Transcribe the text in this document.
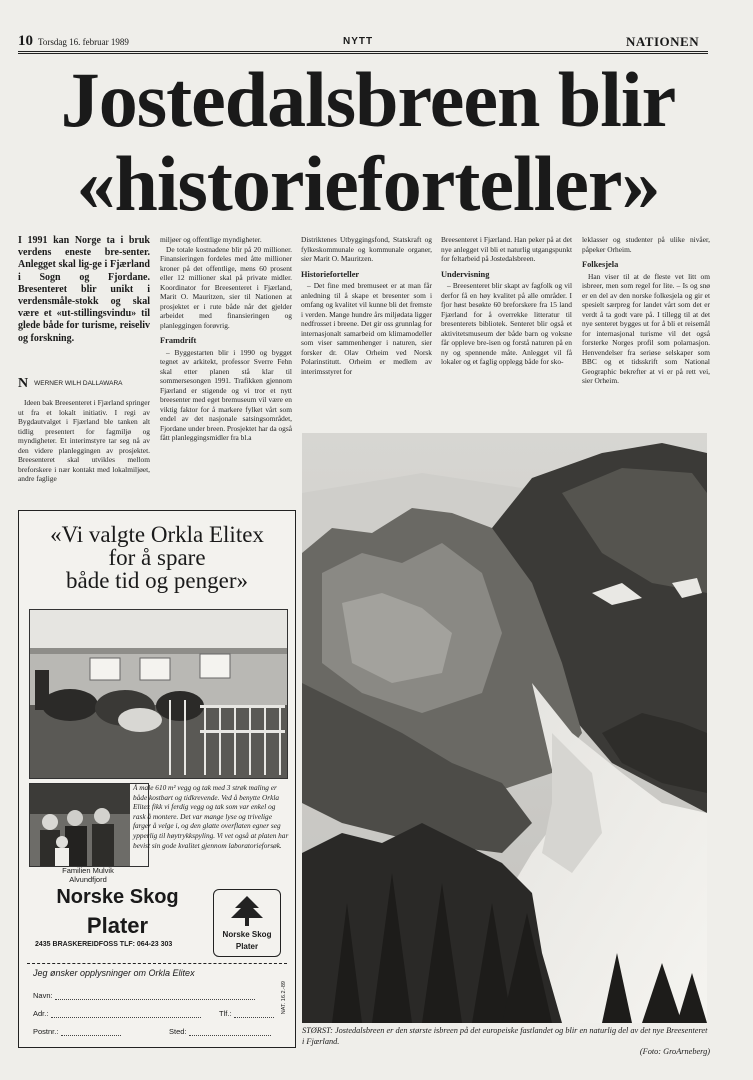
10 Torsdag 16. februar 1989	NYTT	NATIONEN
Jostedalsbreen blir
«historieforteller»
I 1991 kan Norge ta i bruk verdens eneste bre-senter. Anlegget skal lig-ge i Fjærland i Sogn og Fjordane. Bresenteret blir unikt i verdensmåle-stokk og skal være et «ut-stillingsvindu» til glede både for turisme, reiseliv og forskning.
NWERNER WILH DALLAWARA

Ideen bak Breesenteret i Fjærland springer ut fra et lokalt initiativ. I regi av Bygdautvalget i Fjærland ble tanken alt tidlig presentert for fagmiljø og myndigheter. Et interimstyre tar seg nå av den videre planleggingen av prosjektet. Breesenteret skal utvikles mellom breforskere i nær kontakt med lokalmiljøet, andre faglige

miljøer og offentlige myndigheter.

De totale kostnadene blir på 20 millioner. Finansieringen fordeles med åtte millioner kroner på det offentlige, mens 60 prosent eller 12 millioner skal på private midler. Koordinator for Breesenteret i Fjærland, Marit O. Mauritzen, sier til Nationen at prosjektet er i rute både når det gjelder arbeidet med finansieringen og planleggingen forøvrig.

Framdrift

– Byggestarten blir i 1990 og bygget tegnet av arkitekt, professor Sverre Fehn skal etter planen stå klar til sommersesongen 1991. Trafikken gjennom Fjærland er stigende og vi tror et nytt breesenter med eget bremuseum vil være en viktig faktor for å markere fylket vårt som endel av det nasjonale satsingsområdet, Fjordane under breen. Prosjektet har da også fått planleggingsmidler fra bl.a

Distriktenes Utbyggingsfond, Statskraft og fylkeskommunale og kommunale organer, sier Marit O. Mauritzen.

Historieforteller

– Det fine med bremuseet er at man får anledning til å skape et bresenter som i omfang og kvalitet vil kunne bli det fremste i verden. Mange hundre års miljødata ligger nedfrosset i breene. Det gir oss grunnlag for internasjonalt samarbeid om klimamodeller som viser sammenhenger i naturen, sier forsker dr. Olav Orheim ved Norsk Polarinstitutt. Orheim er medlem av interimsstyret for

Breesenteret i Fjærland. Han peker på at det nye anlegget vil bli et naturlig utgangspunkt for feltarbeid på Jostedalsbreen.

Undervisning

– Breesenteret blir skapt av fagfolk og vil derfor få en høy kvalitet på alle områder. I fjor høst besøkte 60 breforskere fra 15 land Fjærland for å overrekke litteratur til bresenterets bibliotek. Senteret blir også et aktivitetsmuseum der både barn og voksne får oppleve bre-isen og forstå naturen på en ny og spennende måte. Anlegget vil få lokaler og et faglig opplegg både for sko-

leklasser og studenter på ulike nivåer, påpeker Orheim.

Folkesjela

Han viser til at de fleste vet litt om isbreer, men som regel for lite. – Is og snø er en del av den norske folkesjela og gir et spesielt særpreg for landet vårt som det er verdt å ta godt vare på. I tillegg til at det nye senteret bygges ut for å bli et reisemål for internasjonal turisme vil det også forsterke Norges profil som polarnasjon. Henvendelser fra seriøse selskaper som BBC og et tidsskrift som National Geographic bekrefter at vi er på rett vei, sier Orheim.

«Vi valgte Orkla Elitex
for å spare
både tid og penger»
Familien Mulvik
Alvundfjord
Å male 610 m² vegg og tak med 3 strøk maling er både kostbart og tidkrevende. Ved å benytte Orkla Elitex fikk vi ferdig vegg og tak som var enkel og rask å montere. Det var mange lyse og trivelige farger å velge i, og den glatte overflaten egner seg ypperlig til høytrykkspyling. Vi vet også at platen har bevist sin gode kvalitet gjennom laboratorieforsøk.
Norske Skog
Plater
2435 BRASKEREIDFOSS TLF: 064-23 303
Norske Skog
Plater
Jeg ønsker opplysninger om Orkla Elitex
Navn:
Adr.:	Tlf.:
Postnr.:	Sted:
NAT. 16.2.-89
STØRST: Jostedalsbreen er den største isbreen på det europeiske fastlandet og blir en naturlig del av det nye Breesenteret i Fjærland.
(Foto: GroArneberg)
